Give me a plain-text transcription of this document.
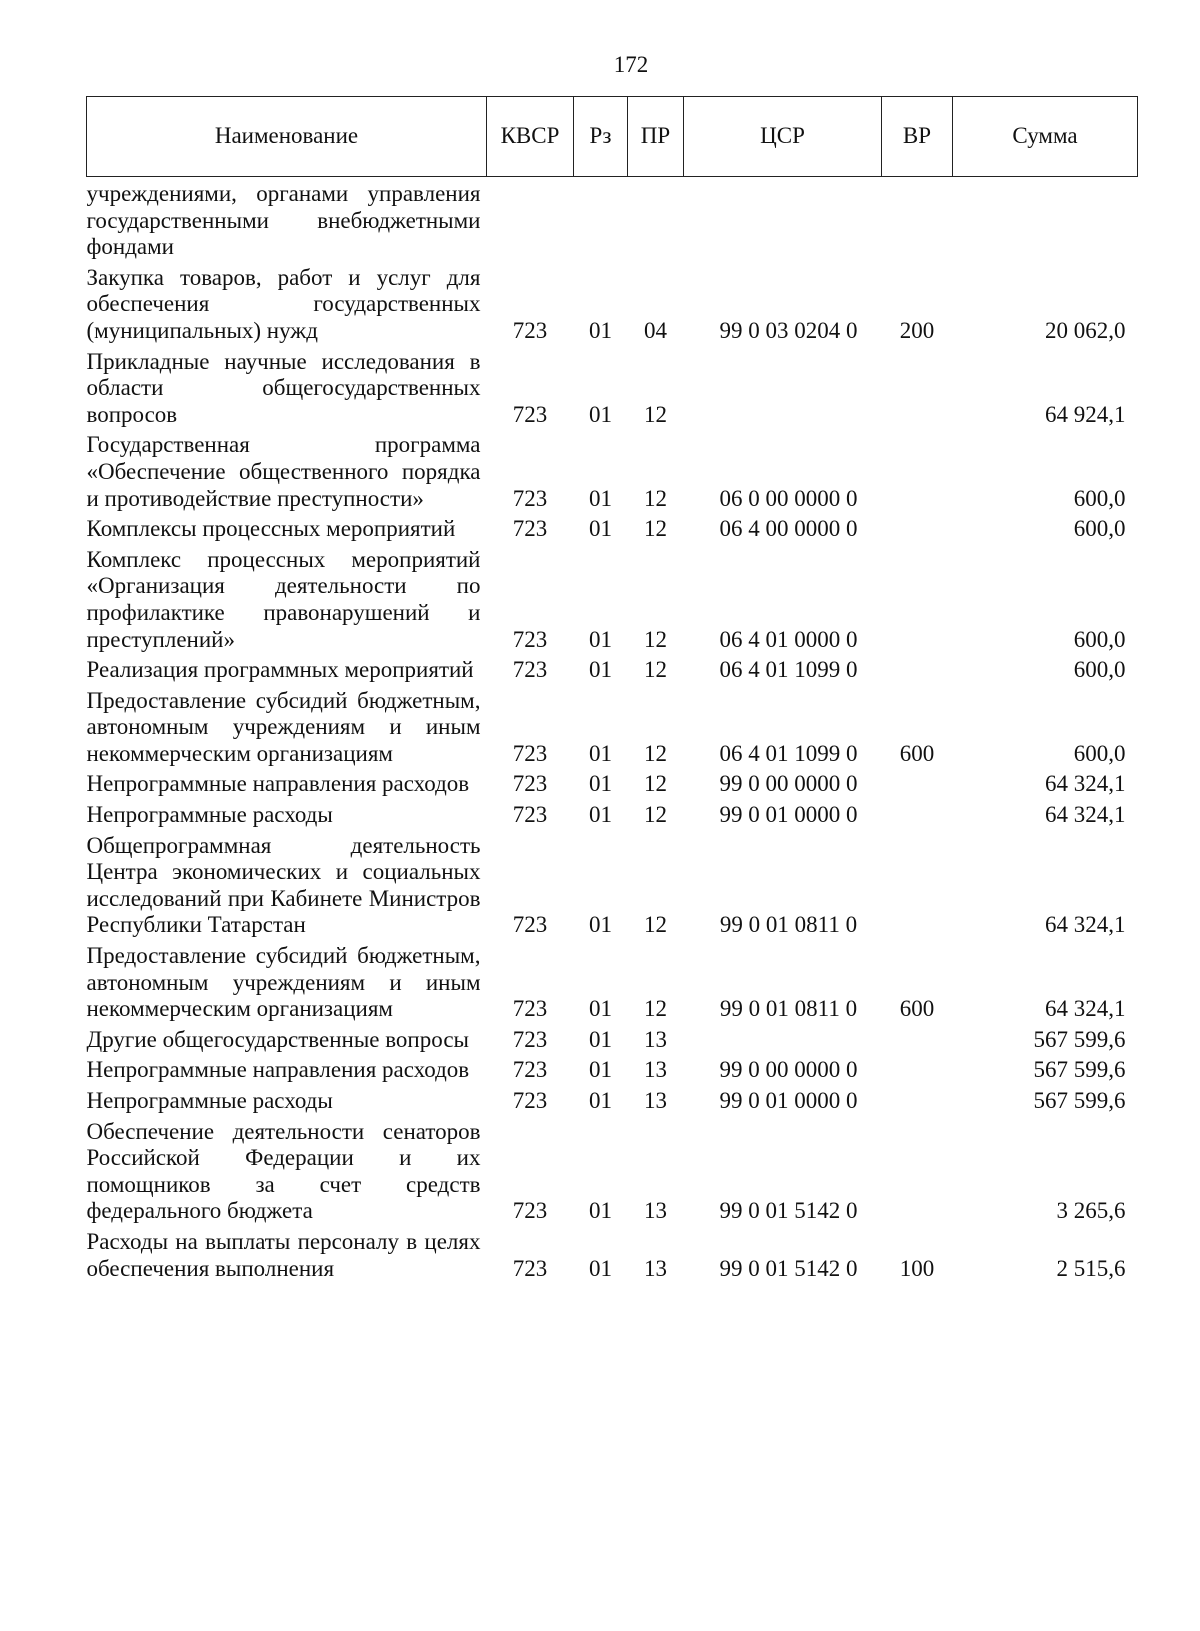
172
Наименование	КВСР	Рз	ПР	ЦСР	ВР	Сумма
учреждениями, органами управления государственными внебюджетными фондами						
Закупка товаров, работ и услуг для обеспечения государственных (муниципальных) нужд	723	01	04	99 0 03 0204 0	200	20 062,0
Прикладные научные исследования в области общегосударственных вопросов	723	01	12			64 924,1
Государственная программа «Обеспечение общественного порядка и противодействие преступности»	723	01	12	06 0 00 0000 0		600,0
Комплексы процессных мероприятий	723	01	12	06 4 00 0000 0		600,0
Комплекс процессных мероприятий «Организация деятельности по профилактике правонарушений и преступлений»	723	01	12	06 4 01 0000 0		600,0
Реализация программных мероприятий	723	01	12	06 4 01 1099 0		600,0
Предоставление субсидий бюджетным, автономным учреждениям и иным некоммерческим организациям	723	01	12	06 4 01 1099 0	600	600,0
Непрограммные направления расходов	723	01	12	99 0 00 0000 0		64 324,1
Непрограммные расходы	723	01	12	99 0 01 0000 0		64 324,1
Общепрограммная деятельность Центра экономических и социальных исследований при Кабинете Министров Республики Татарстан	723	01	12	99 0 01 0811 0		64 324,1
Предоставление субсидий бюджетным, автономным учреждениям и иным некоммерческим организациям	723	01	12	99 0 01 0811 0	600	64 324,1
Другие общегосударственные вопросы	723	01	13			567 599,6
Непрограммные направления расходов	723	01	13	99 0 00 0000 0		567 599,6
Непрограммные расходы	723	01	13	99 0 01 0000 0		567 599,6
Обеспечение деятельности сенаторов Российской Федерации и их помощников за счет средств федерального бюджета	723	01	13	99 0 01 5142 0		3 265,6
Расходы на выплаты персоналу в целях обеспечения выполнения	723	01	13	99 0 01 5142 0	100	2 515,6
